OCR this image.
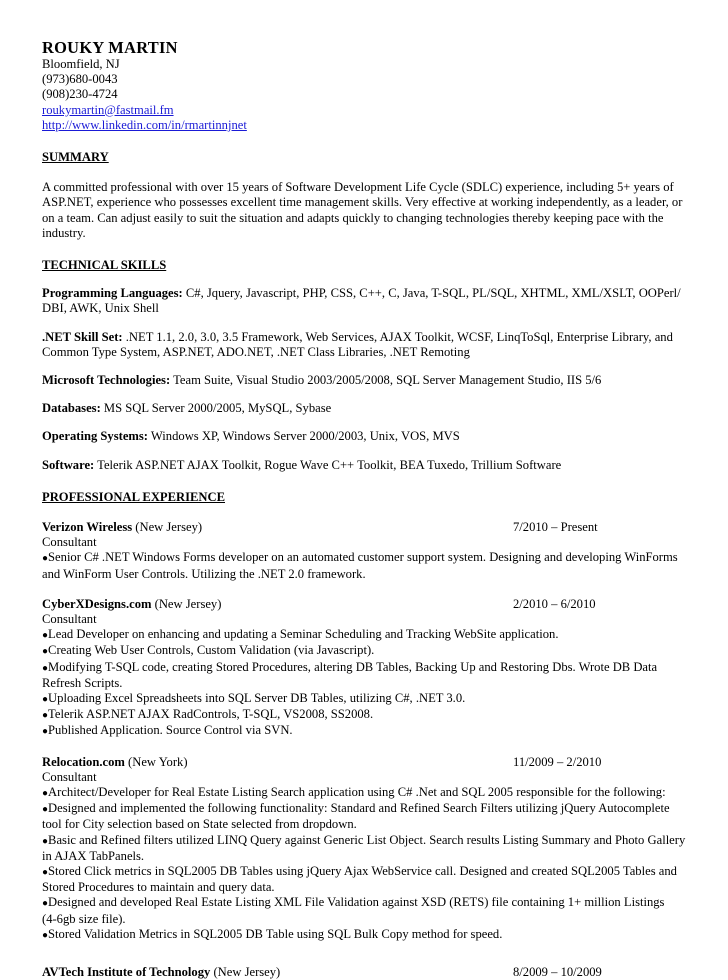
ROUKY MARTIN
Bloomfield, NJ
(973)680-0043
(908)230-4724
roukymartin@fastmail.fm
http://www.linkedin.com/in/rmartinnjnet
SUMMARY
A committed professional with over 15 years of Software Development Life Cycle (SDLC) experience, including 5+ years of
ASP.NET, experience who possesses excellent time management skills. Very effective at working independently, as a leader, or
on a team. Can adjust easily to suit the situation and adapts quickly to changing technologies thereby keeping pace with the
industry.
TECHNICAL SKILLS
Programming Languages: C#, Jquery, Javascript, PHP, CSS, C++, C, Java, T-SQL, PL/SQL, XHTML, XML/XSLT, OOPerl/
DBI, AWK, Unix Shell
.NET Skill Set: .NET 1.1, 2.0, 3.0, 3.5 Framework, Web Services, AJAX Toolkit, WCSF, LinqToSql, Enterprise Library, and
Common Type System, ASP.NET, ADO.NET, .NET Class Libraries, .NET Remoting
Microsoft Technologies: Team Suite, Visual Studio 2003/2005/2008, SQL Server Management Studio, IIS 5/6
Databases: MS SQL Server 2000/2005, MySQL, Sybase
Operating Systems: Windows XP, Windows Server 2000/2003, Unix, VOS, MVS
Software: Telerik ASP.NET AJAX Toolkit, Rogue Wave C++ Toolkit, BEA Tuxedo, Trillium Software
PROFESSIONAL EXPERIENCE
Verizon Wireless (New Jersey)	7/2010 – Present
Consultant
●Senior C# .NET Windows Forms developer on an automated customer support system. Designing and developing WinForms
and WinForm User Controls. Utilizing the .NET 2.0 framework.
CyberXDesigns.com (New Jersey)	2/2010 – 6/2010
Consultant
●Lead Developer on enhancing and updating a Seminar Scheduling and Tracking WebSite application.
●Creating Web User Controls, Custom Validation (via Javascript).
●Modifying T-SQL code, creating Stored Procedures, altering DB Tables, Backing Up and Restoring Dbs. Wrote DB Data
Refresh Scripts.
●Uploading Excel Spreadsheets into SQL Server DB Tables, utilizing C#, .NET 3.0.
●Telerik ASP.NET AJAX RadControls, T-SQL, VS2008, SS2008.
●Published Application. Source Control via SVN.
Relocation.com (New York)	11/2009 – 2/2010
Consultant
●Architect/Developer for Real Estate Listing Search application using C# .Net and SQL 2005 responsible for the following:
●Designed and implemented the following functionality: Standard and Refined Search Filters utilizing jQuery Autocomplete
tool for City selection based on State selected from dropdown.
●Basic and Refined filters utilized LINQ Query against Generic List Object. Search results Listing Summary and Photo Gallery
in AJAX TabPanels.
●Stored Click metrics in SQL2005 DB Tables using jQuery Ajax WebService call. Designed and created SQL2005 Tables and
Stored Procedures to maintain and query data.
●Designed and developed Real Estate Listing XML File Validation against XSD (RETS) file containing 1+ million Listings
(4-6gb size file).
●Stored Validation Metrics in SQL2005 DB Table using SQL Bulk Copy method for speed.
AVTech Institute of Technology (New Jersey)	8/2009 – 10/2009
